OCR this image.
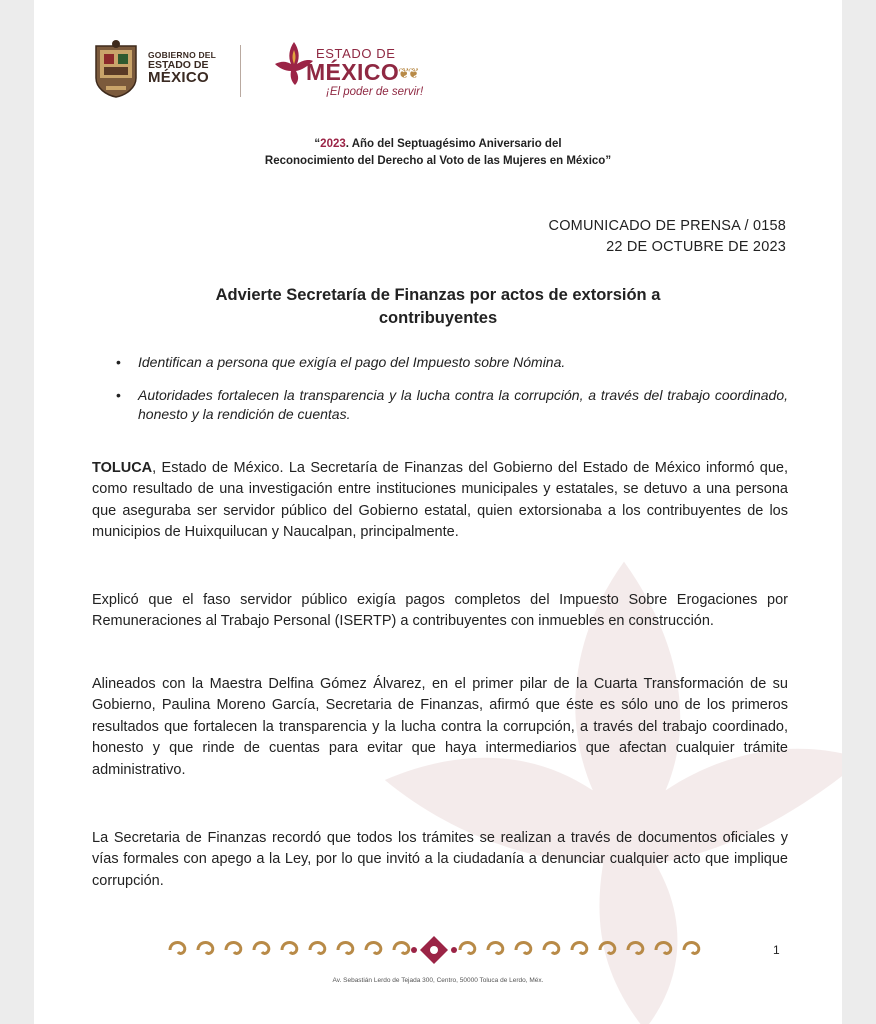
GOBIERNO DEL
ESTADO DE
MÉXICO
ESTADO DE
MÉXICO
¡El poder de servir!
❦❦
“2023. Año del Septuagésimo Aniversario del
Reconocimiento del Derecho al Voto de las Mujeres en México”
COMUNICADO DE PRENSA / 0158
22 DE OCTUBRE DE 2023
Advierte Secretaría de Finanzas por actos de extorsión a
contribuyentes
• Identifican a persona que exigía el pago del Impuesto sobre Nómina.
• Autoridades fortalecen la transparencia y la lucha contra la corrupción, a través del trabajo coordinado, honesto y la rendición de cuentas.

TOLUCA, Estado de México. La Secretaría de Finanzas del Gobierno del Estado de México informó que, como resultado de una investigación entre instituciones municipales y estatales, se detuvo a una persona que aseguraba ser servidor público del Gobierno estatal, quien extorsionaba a los contribuyentes de los municipios de Huixquilucan y Naucalpan, principalmente.

Explicó que el faso servidor público exigía pagos completos del Impuesto Sobre Erogaciones por Remuneraciones al Trabajo Personal (ISERTP) a contribuyentes con inmuebles en construcción.

Alineados con la Maestra Delfina Gómez Álvarez, en el primer pilar de la Cuarta Transformación de su Gobierno, Paulina Moreno García, Secretaria de Finanzas, afirmó que éste es sólo uno de los primeros resultados que fortalecen la transparencia y la lucha contra la corrupción, a través del trabajo coordinado, honesto y que rinde de cuentas para evitar que haya intermediarios que afectan cualquier trámite administrativo.

La Secretaria de Finanzas recordó que todos los trámites se realizan a través de documentos oficiales y vías formales con apego a la Ley, por lo que invitó a la ciudadanía a denunciar cualquier acto que implique corrupción.

1
Av. Sebastián Lerdo de Tejada 300, Centro, 50000 Toluca de Lerdo, Méx.
